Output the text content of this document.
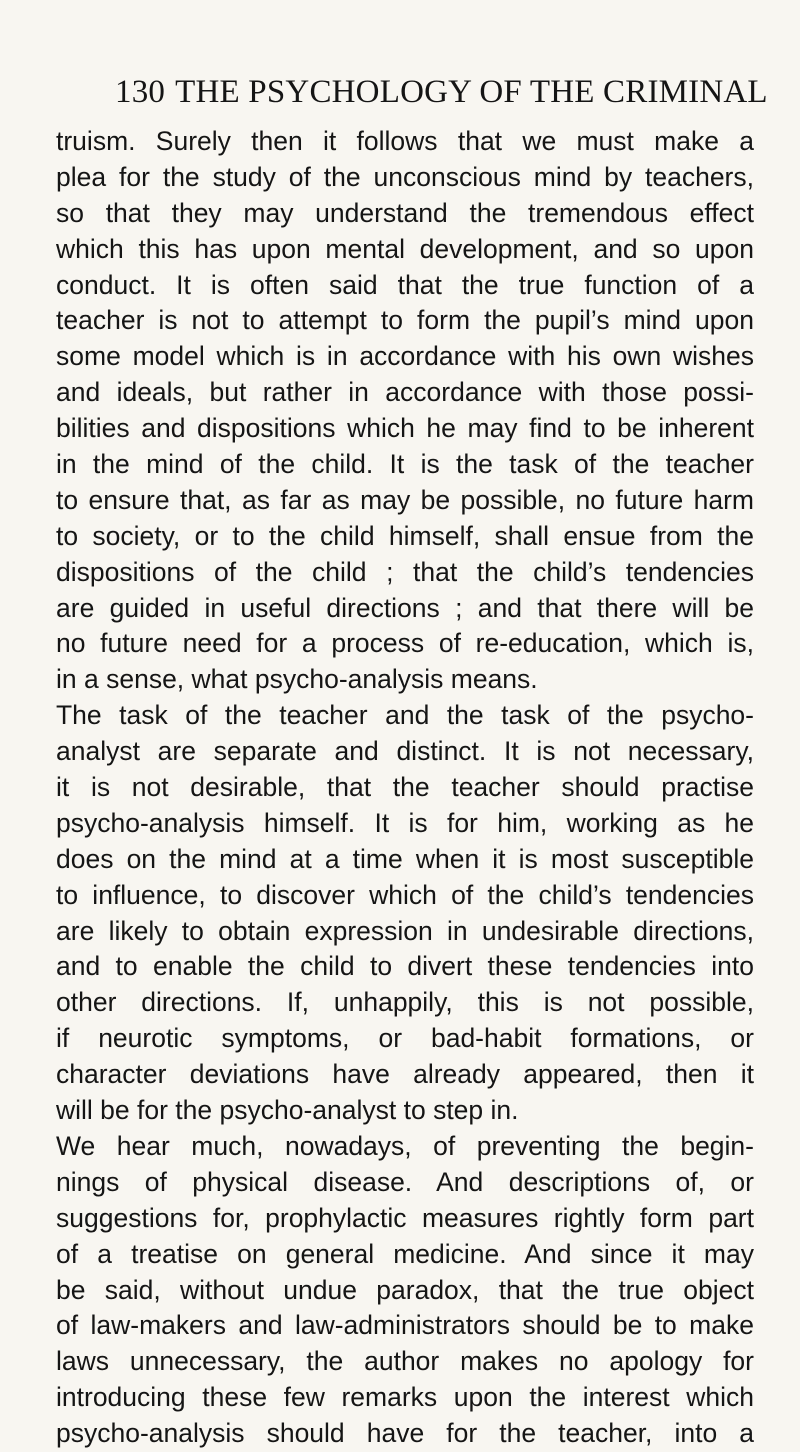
130 THE PSYCHOLOGY OF THE CRIMINAL
truism. Surely then it follows that we must make a
plea for the study of the unconscious mind by teachers,
so that they may understand the tremendous effect
which this has upon mental development, and so upon
conduct. It is often said that the true function of a
teacher is not to attempt to form the pupil’s mind upon
some model which is in accordance with his own wishes
and ideals, but rather in accordance with those possi-
bilities and dispositions which he may find to be inherent
in the mind of the child. It is the task of the teacher
to ensure that, as far as may be possible, no future harm
to society, or to the child himself, shall ensue from the
dispositions of the child ; that the child’s tendencies
are guided in useful directions ; and that there will be
no future need for a process of re-education, which is,
in a sense, what psycho-analysis means.
The task of the teacher and the task of the psycho-
analyst are separate and distinct. It is not necessary,
it is not desirable, that the teacher should practise
psycho-analysis himself. It is for him, working as he
does on the mind at a time when it is most susceptible
to influence, to discover which of the child’s tendencies
are likely to obtain expression in undesirable directions,
and to enable the child to divert these tendencies into
other directions. If, unhappily, this is not possible,
if neurotic symptoms, or bad-habit formations, or
character deviations have already appeared, then it
will be for the psycho-analyst to step in.
We hear much, nowadays, of preventing the begin-
nings of physical disease. And descriptions of, or
suggestions for, prophylactic measures rightly form part
of a treatise on general medicine. And since it may
be said, without undue paradox, that the true object
of law-makers and law-administrators should be to make
laws unnecessary, the author makes no apology for
introducing these few remarks upon the interest which
psycho-analysis should have for the teacher, into a
